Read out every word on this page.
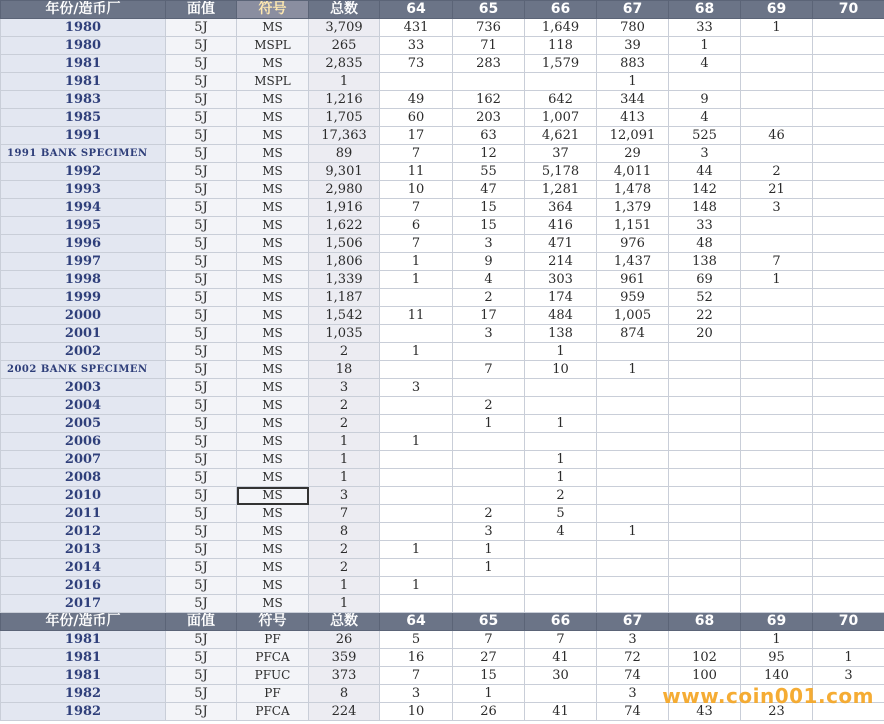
年份/造币厂	面值	符号	总数	64	65	66	67	68	69	70
1980	5J	MS	3,709	431	736	1,649	780	33	1	
1980	5J	MSPL	265	33	71	118	39	1		
1981	5J	MS	2,835	73	283	1,579	883	4		
1981	5J	MSPL	1				1			
1983	5J	MS	1,216	49	162	642	344	9		
1985	5J	MS	1,705	60	203	1,007	413	4		
1991	5J	MS	17,363	17	63	4,621	12,091	525	46	
1991 BANK SPECIMEN	5J	MS	89	7	12	37	29	3		
1992	5J	MS	9,301	11	55	5,178	4,011	44	2	
1993	5J	MS	2,980	10	47	1,281	1,478	142	21	
1994	5J	MS	1,916	7	15	364	1,379	148	3	
1995	5J	MS	1,622	6	15	416	1,151	33		
1996	5J	MS	1,506	7	3	471	976	48		
1997	5J	MS	1,806	1	9	214	1,437	138	7	
1998	5J	MS	1,339	1	4	303	961	69	1	
1999	5J	MS	1,187		2	174	959	52		
2000	5J	MS	1,542	11	17	484	1,005	22		
2001	5J	MS	1,035		3	138	874	20		
2002	5J	MS	2	1		1				
2002 BANK SPECIMEN	5J	MS	18		7	10	1			
2003	5J	MS	3	3						
2004	5J	MS	2		2					
2005	5J	MS	2		1	1				
2006	5J	MS	1	1						
2007	5J	MS	1			1				
2008	5J	MS	1			1				
2010	5J	MS	3			2				
2011	5J	MS	7		2	5				
2012	5J	MS	8		3	4	1			
2013	5J	MS	2	1	1					
2014	5J	MS	2		1					
2016	5J	MS	1	1						
2017	5J	MS	1							
年份/造币厂	面值	符号	总数	64	65	66	67	68	69	70
1981	5J	PF	26	5	7	7	3		1	
1981	5J	PFCA	359	16	27	41	72	102	95	1
1981	5J	PFUC	373	7	15	30	74	100	140	3
1982	5J	PF	8	3	1		3			
1982	5J	PFCA	224	10	26	41	74	43	23	
www.coin001.com
